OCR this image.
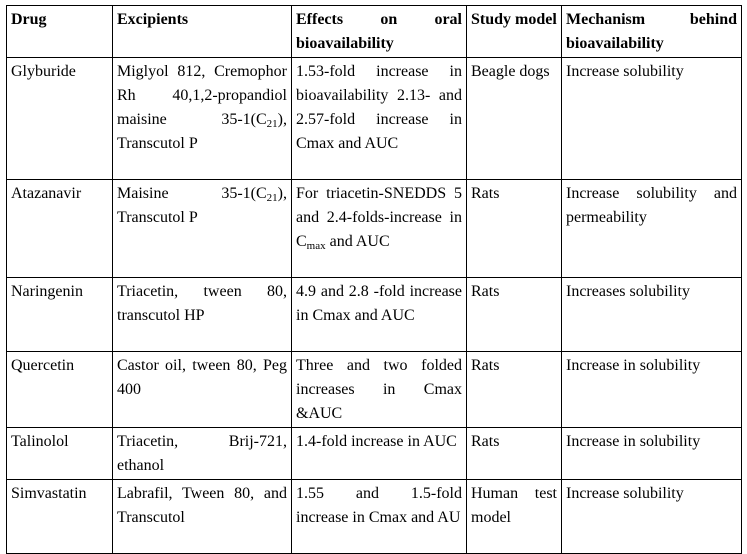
Drug	Excipients	Effects on oral bioavailability	Study model	Mechanism behind bioavailability
Glyburide	Miglyol 812, Cremophor Rh 40,1,2-propandiol maisine $35-1(C_{21})$, Transcutol P	1.53-fold increase in bioavailability 2.13- and 2.57-fold increase in Cmax and AUC	Beagle dogs	Increase solubility
Atazanavir	Maisine $35-1(C_{21})$, Transcutol P	For triacetin-SNEDDS 5 and 2.4-folds-increase in $C_{max}$ and AUC	Rats	Increase solubility and permeability
Naringenin	Triacetin, tween 80, transcutol HP	4.9 and 2.8 -fold increase in Cmax and AUC	Rats	Increases solubility
Quercetin	Castor oil, tween 80, Peg 400	Three and two folded increases in Cmax &AUC	Rats	Increase in solubility
Talinolol	Triacetin, Brij-721, ethanol	1.4-fold increase in AUC	Rats	Increase in solubility
Simvastatin	Labrafil, Tween 80, and Transcutol	1.55 and 1.5-fold increase in Cmax and AU	Human test model	Increase solubility
